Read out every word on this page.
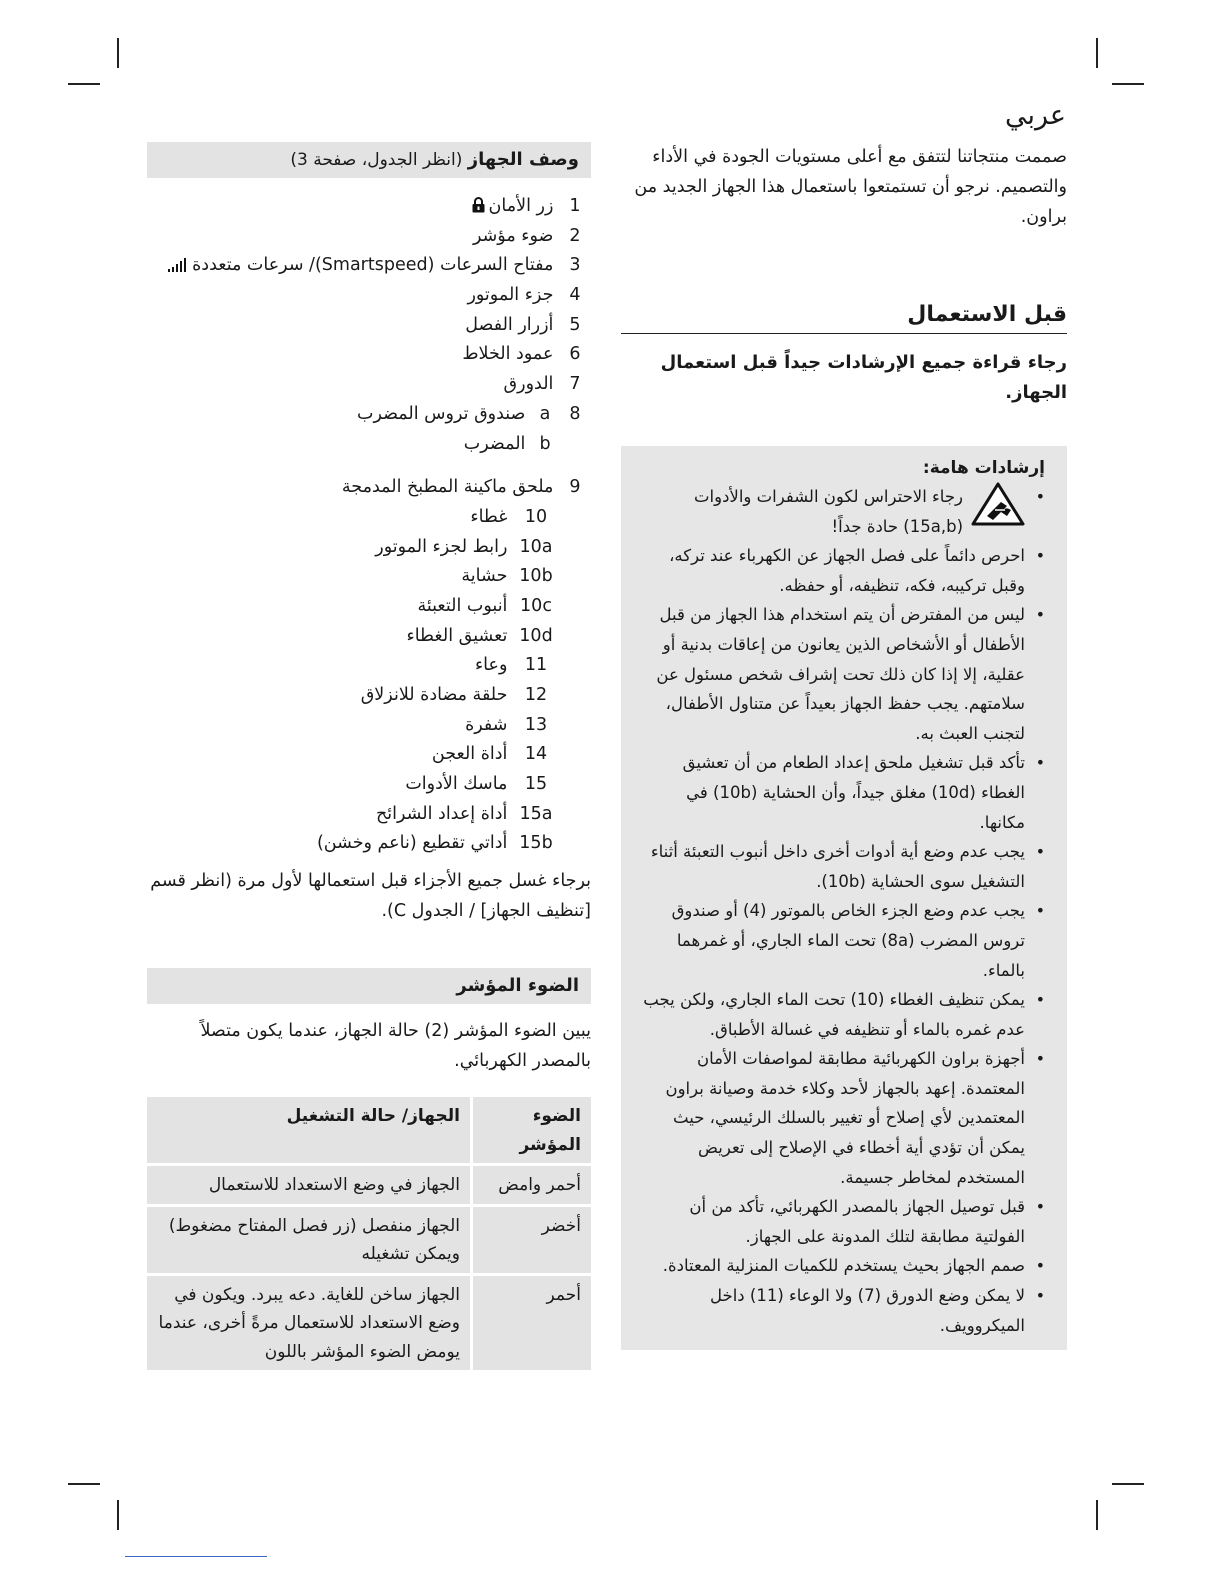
عربي

صممت منتجاتنا لتتفق مع أعلى مستويات الجودة في الأداء والتصميم. نرجو أن تستمتعوا باستعمال هذا الجهاز الجديد من براون.

قبل الاستعمال

رجاء قراءة جميع الإرشادات جيداً قبل استعمال الجهاز.

إرشادات هامة:

• رجاء الاحتراس لكون الشفرات والأدوات (15a,b) حادة جداً!
• احرص دائماً على فصل الجهاز عن الكهرباء عند تركه، وقبل تركيبه، فكه، تنظيفه، أو حفظه.
• ليس من المفترض أن يتم استخدام هذا الجهاز من قبل الأطفال أو الأشخاص الذين يعانون من إعاقات بدنية أو عقلية، إلا إذا كان ذلك تحت إشراف شخص مسئول عن سلامتهم. يجب حفظ الجهاز بعيداً عن متناول الأطفال، لتجنب العبث به.
• تأكد قبل تشغيل ملحق إعداد الطعام من أن تعشيق الغطاء (10d) مغلق جيداً، وأن الحشاية (10b) في مكانها.
• يجب عدم وضع أية أدوات أخرى داخل أنبوب التعبئة أثناء التشغيل سوى الحشاية (10b).
• يجب عدم وضع الجزء الخاص بالموتور (4) أو صندوق تروس المضرب (8a) تحت الماء الجاري، أو غمرهما بالماء.
• يمكن تنظيف الغطاء (10) تحت الماء الجاري، ولكن يجب عدم غمره بالماء أو تنظيفه في غسالة الأطباق.
• أجهزة براون الكهربائية مطابقة لمواصفات الأمان المعتمدة. إعهد بالجهاز لأحد وكلاء خدمة وصيانة براون المعتمدين لأي إصلاح أو تغيير بالسلك الرئيسي، حيث يمكن أن تؤدي أية أخطاء في الإصلاح إلى تعريض المستخدم لمخاطر جسيمة.
• قبل توصيل الجهاز بالمصدر الكهربائي، تأكد من أن الفولتية مطابقة لتلك المدونة على الجهاز.
• صمم الجهاز بحيث يستخدم للكميات المنزلية المعتادة.
• لا يمكن وضع الدورق (7) ولا الوعاء (11) داخل الميكروويف.
وصف الجهاز (انظر الجدول، صفحة 3)
1 زر الأمان
2 ضوء مؤشر
3 مفتاح السرعات (Smartspeed)/ سرعات متعددة
4 جزء الموتور
5 أزرار الفصل
6 عمود الخلاط
7 الدورق
8a صندوق تروس المضرب
b المضرب
9 ملحق ماكينة المطبخ المدمجة
10 غطاء
10a رابط لجزء الموتور
10b حشاية
10c أنبوب التعبئة
10d تعشيق الغطاء
11 وعاء
12 حلقة مضادة للانزلاق
13 شفرة
14 أداة العجن
15 ماسك الأدوات
15a أداة إعداد الشرائح
15b أداتي تقطيع (ناعم وخشن)

برجاء غسل جميع الأجزاء قبل استعمالها لأول مرة (انظر قسم [تنظيف الجهاز] / الجدول C).

الضوء المؤشر

يبين الضوء المؤشر (2) حالة الجهاز، عندما يكون متصلاً بالمصدر الكهربائي.

الضوء المؤشر	الجهاز/ حالة التشغيل
أحمر وامض	الجهاز في وضع الاستعداد للاستعمال
أخضر	الجهاز منفصل (زر فصل المفتاح مضغوط) ويمكن تشغيله
أحمر	الجهاز ساخن للغاية. دعه يبرد. ويكون في وضع الاستعداد للاستعمال مرةً أخرى، عندما يومض الضوء المؤشر باللون
